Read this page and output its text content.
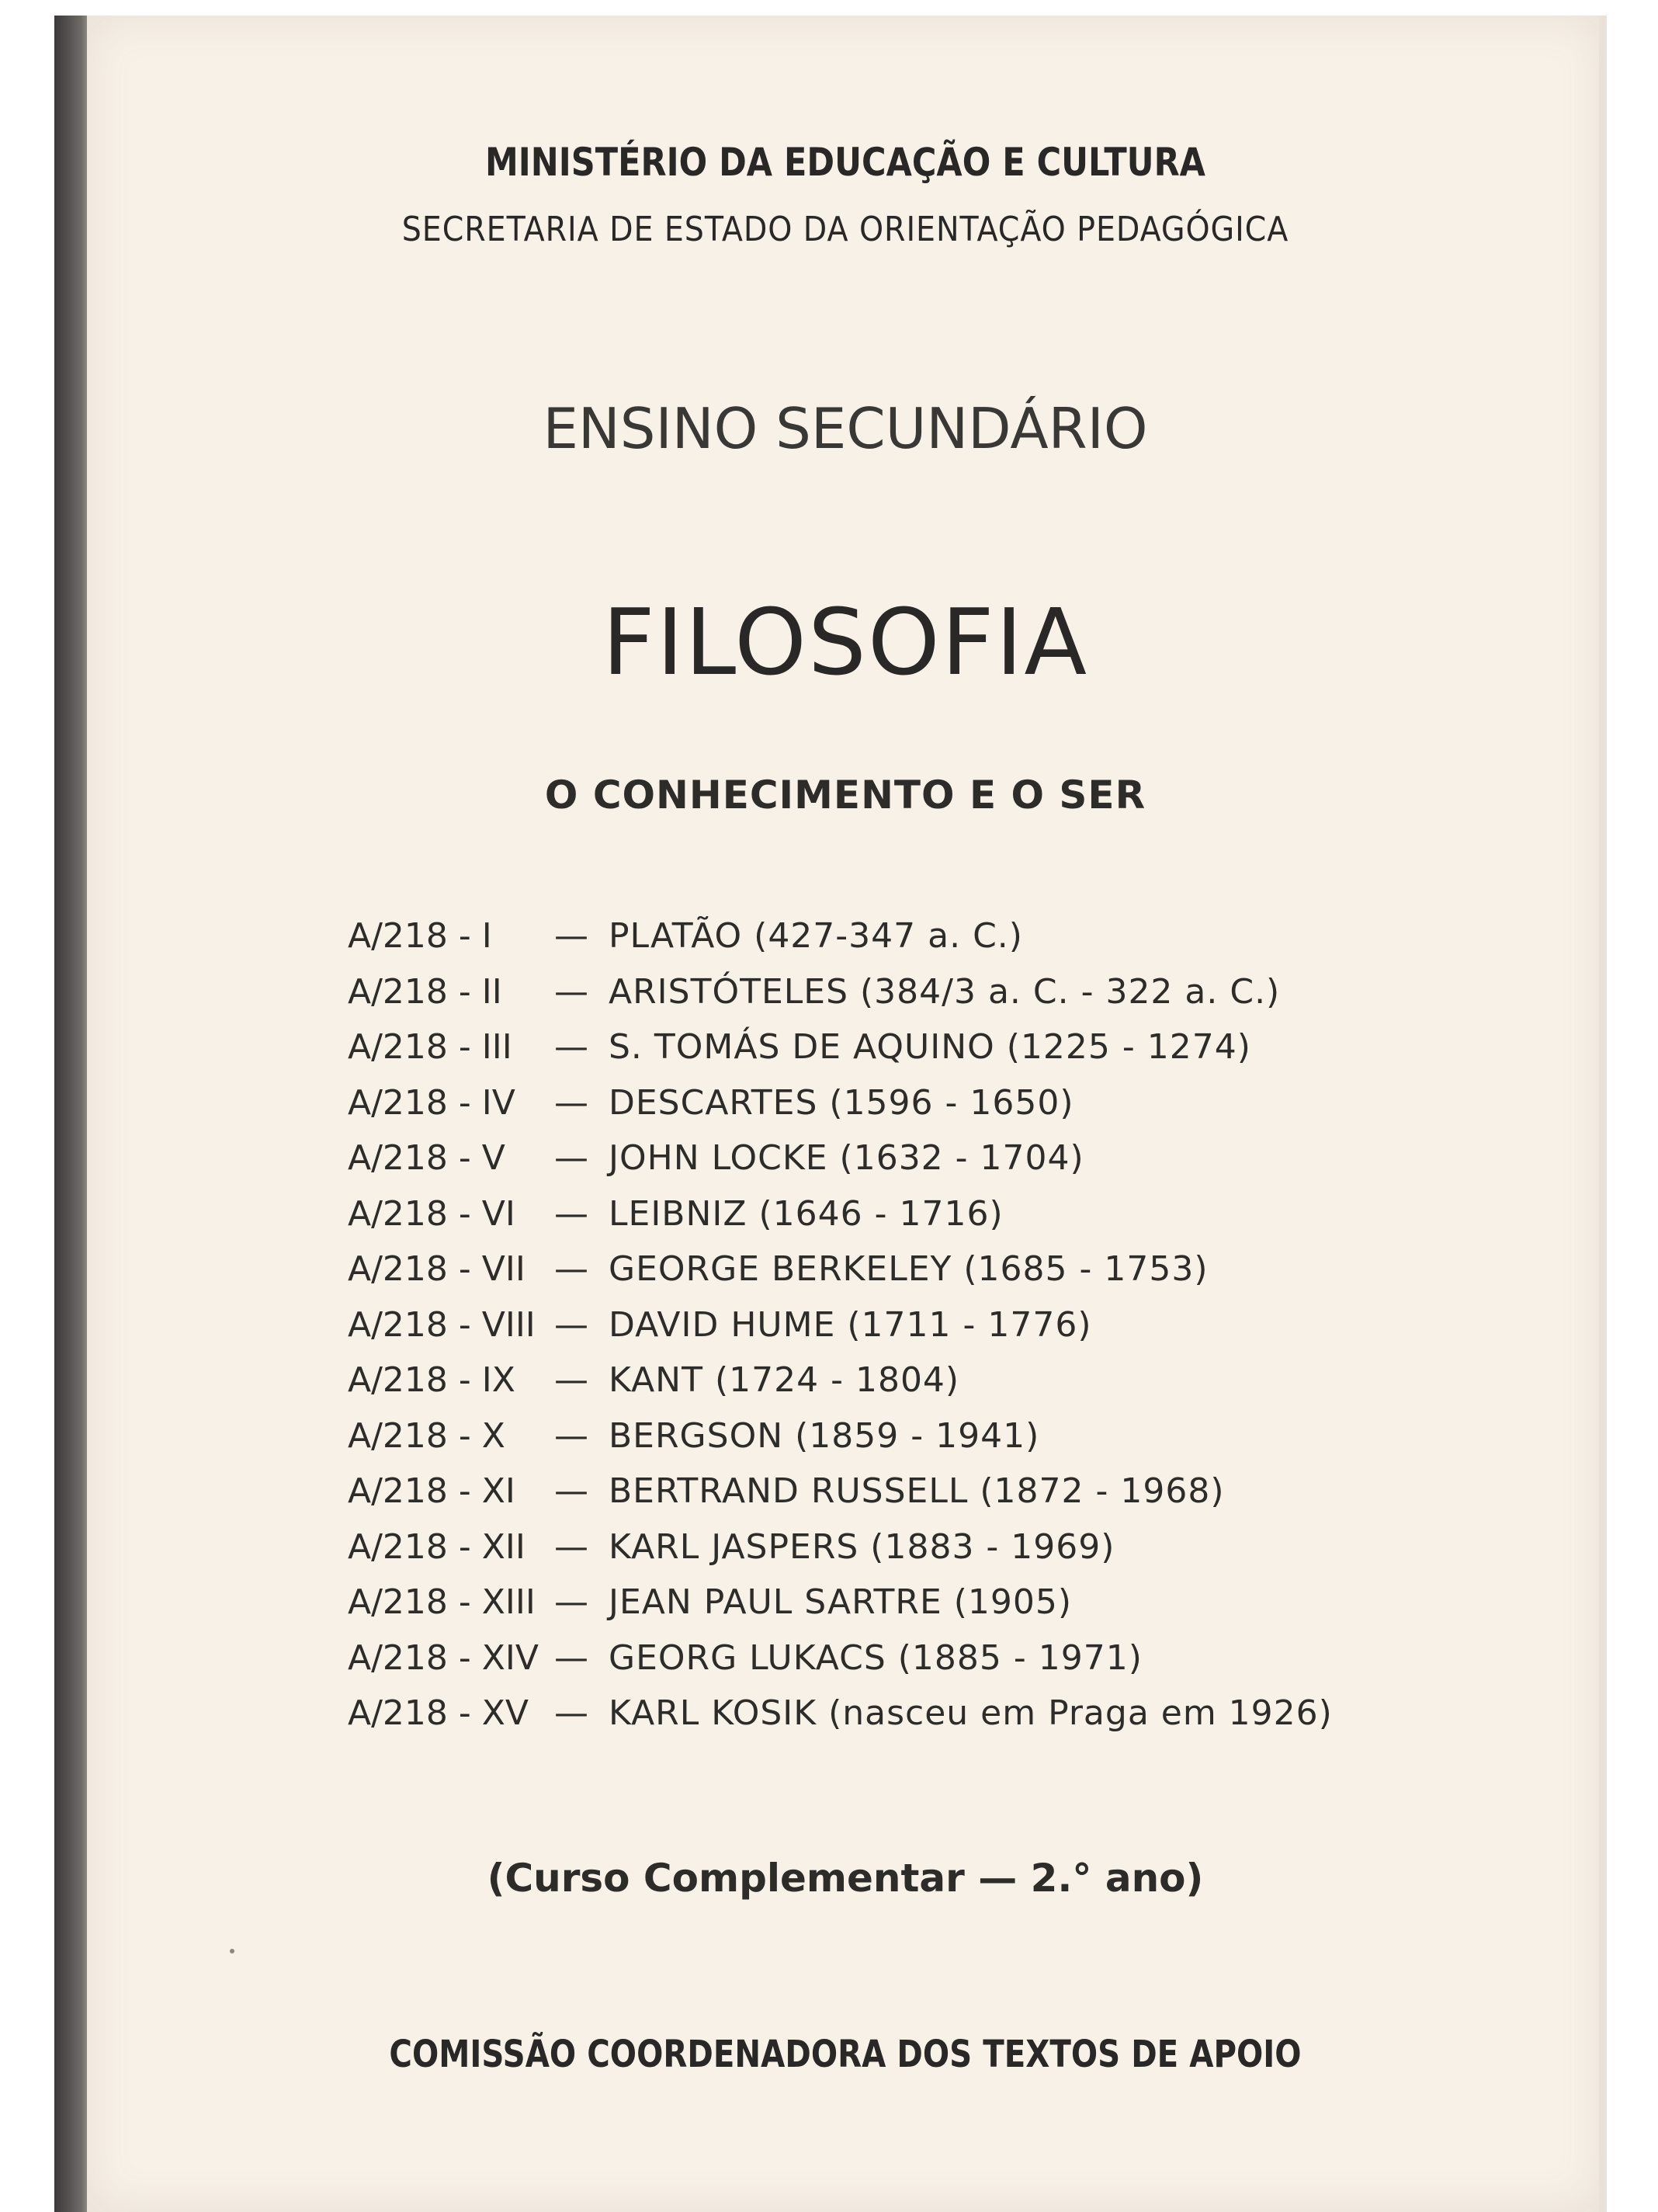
MINISTÉRIO DA EDUCAÇÃO E CULTURA
SECRETARIA DE ESTADO DA ORIENTAÇÃO PEDAGÓGICA
ENSINO SECUNDÁRIO
FILOSOFIA
O CONHECIMENTO E O SER
A/218 - I — PLATÃO (427-347 a. C.)
A/218 - II — ARISTÓTELES (384/3 a. C. - 322 a. C.)
A/218 - III — S. TOMÁS DE AQUINO (1225 - 1274)
A/218 - IV — DESCARTES (1596 - 1650)
A/218 - V — JOHN LOCKE (1632 - 1704)
A/218 - VI — LEIBNIZ (1646 - 1716)
A/218 - VII — GEORGE BERKELEY (1685 - 1753)
A/218 - VIII — DAVID HUME (1711 - 1776)
A/218 - IX — KANT (1724 - 1804)
A/218 - X — BERGSON (1859 - 1941)
A/218 - XI — BERTRAND RUSSELL (1872 - 1968)
A/218 - XII — KARL JASPERS (1883 - 1969)
A/218 - XIII — JEAN PAUL SARTRE (1905)
A/218 - XIV — GEORG LUKACS (1885 - 1971)
A/218 - XV — KARL KOSIK (nasceu em Praga em 1926)
(Curso Complementar — 2.° ano)
COMISSÃO COORDENADORA DOS TEXTOS DE APOIO
